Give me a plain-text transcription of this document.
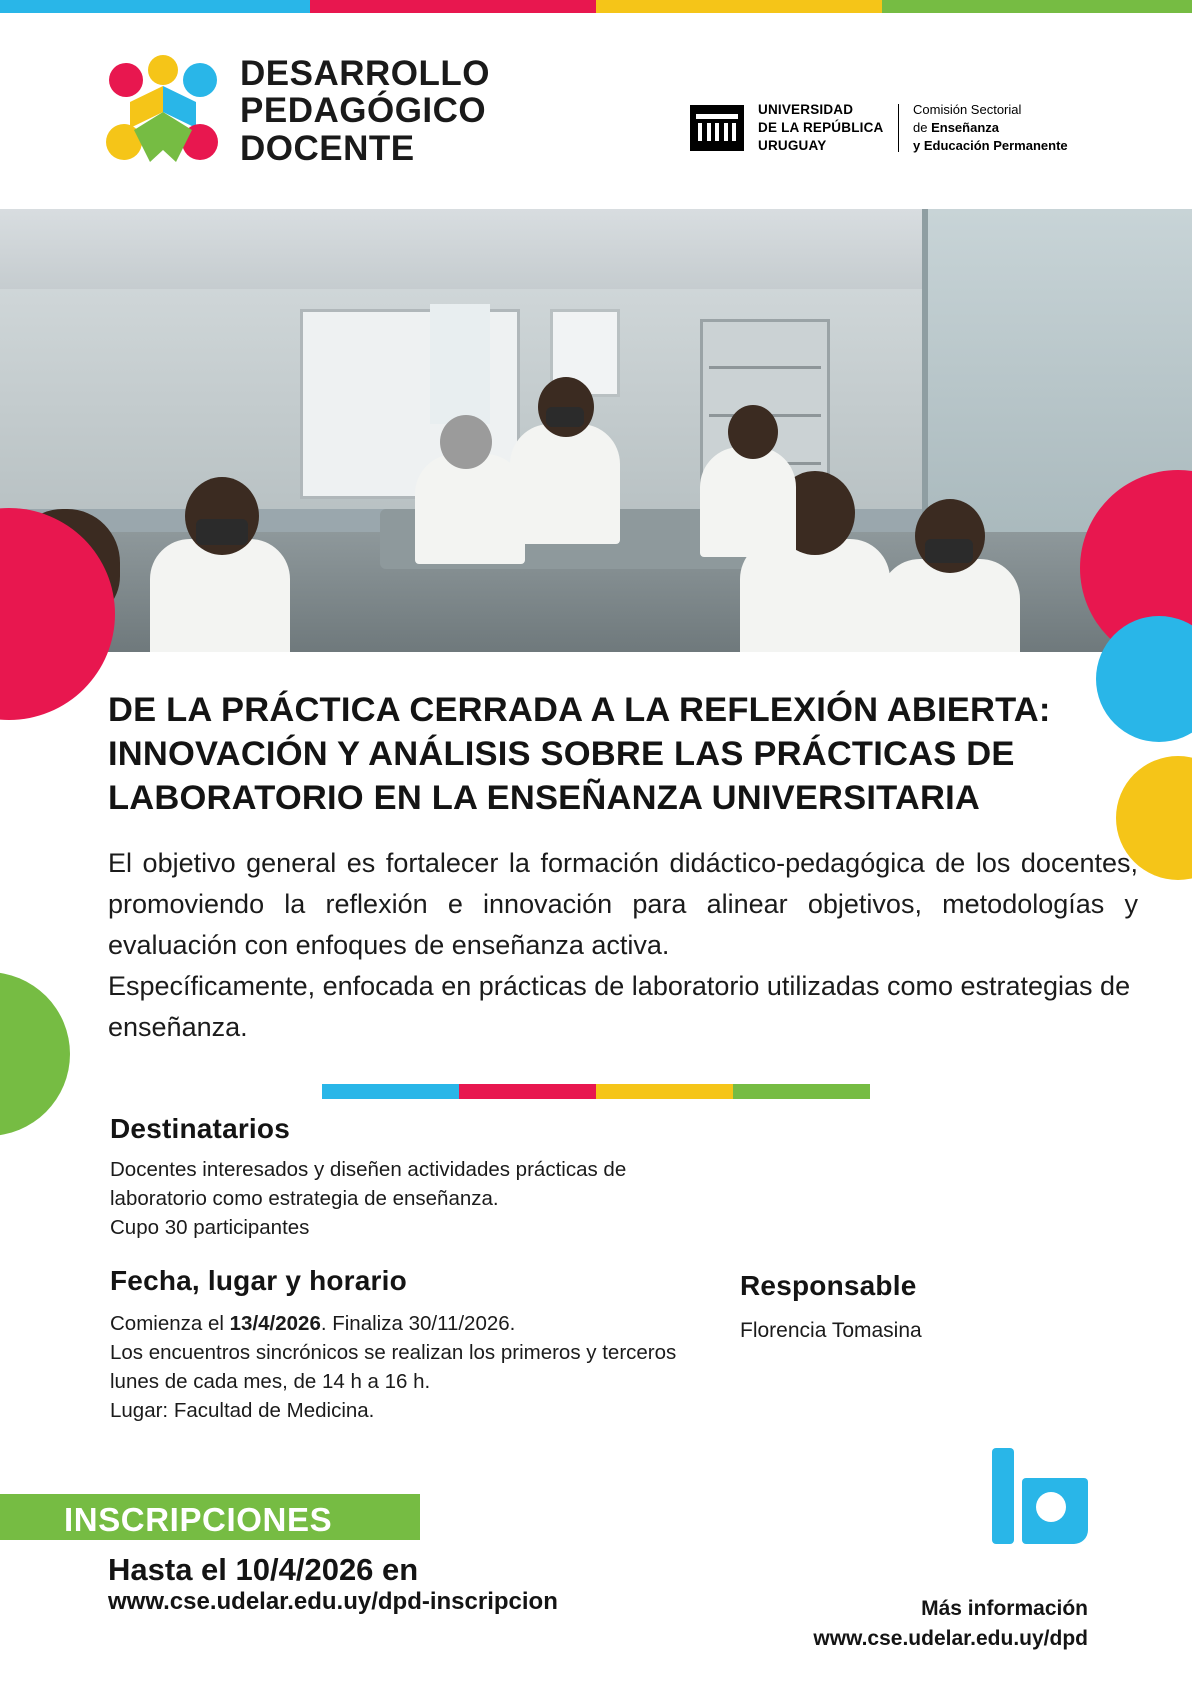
DESARROLLO
PEDAGÓGICO
DOCENTE
UNIVERSIDAD
DE LA REPÚBLICA
URUGUAY
Comisión Sectorial
de Enseñanza
y Educación Permanente
DE LA PRÁCTICA CERRADA A LA REFLEXIÓN ABIERTA:
INNOVACIÓN Y ANÁLISIS SOBRE LAS PRÁCTICAS DE
LABORATORIO EN LA ENSEÑANZA UNIVERSITARIA

El objetivo general es fortalecer la formación didáctico-pedagógica de los docentes, promoviendo la reflexión e innovación para alinear objetivos, metodologías y evaluación con enfoques de enseñanza activa.

Específicamente, enfocada en prácticas de laboratorio utilizadas como estrategias de enseñanza.

Destinatarios
Docentes interesados y diseñen actividades prácticas de
laboratorio como estrategia de enseñanza.
Cupo 30 participantes
Fecha, lugar y horario
Comienza el 13/4/2026. Finaliza 30/11/2026.
Los encuentros sincrónicos se realizan los primeros y terceros
lunes de cada mes, de 14 h a 16 h.
Lugar: Facultad de Medicina.
Responsable
Florencia Tomasina
INSCRIPCIONES
Hasta el 10/4/2026 en
www.cse.udelar.edu.uy/dpd-inscripcion	Más información
www.cse.udelar.edu.uy/dpd
